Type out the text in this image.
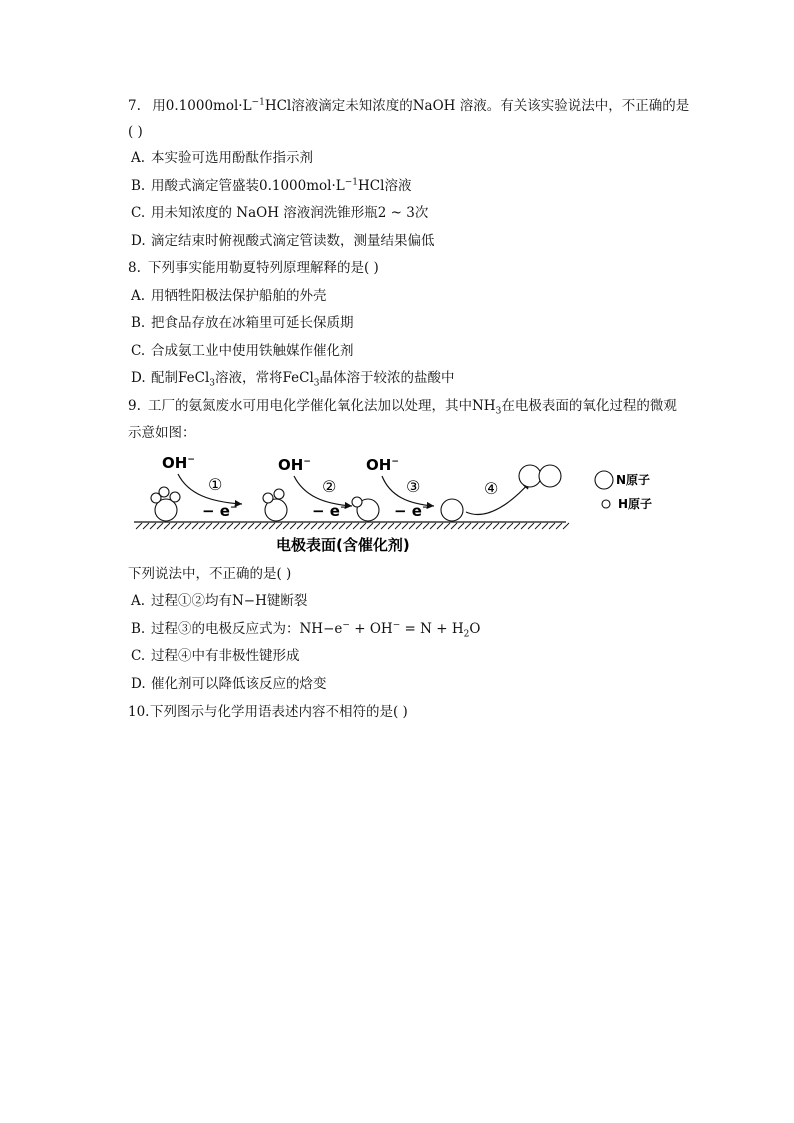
7. 用$0.1000mol\cdot L^{-1}HCl$溶液滴定未知浓度的NaOH 溶液。有关该实验说法中，不正确的是
( )
A. 本实验可选用酚酞作指示剂
B. 用酸式滴定管盛装$0.1000mol\cdot L^{-1}HCl$溶液
C. 用未知浓度的 NaOH 溶液润洗锥形瓶2 ~ 3次
D. 滴定结束时俯视酸式滴定管读数，测量结果偏低
8. 下列事实能用勒夏特列原理解释的是( )
A. 用牺牲阳极法保护船舶的外壳
B. 把食品存放在冰箱里可延长保质期
C. 合成氨工业中使用铁触媒作催化剂
D. 配制FeCl$_3$溶液，常将FeCl$_3$晶体溶于较浓的盐酸中
9. 工厂的氨氮废水可用电化学催化氧化法加以处理，其中$NH_3$在电极表面的氧化过程的微观
示意如图：
OH−	OH−	OH−
①	②	③	④
− e−	− e−	− e−
N原子
H原子
电极表面(含催化剂)
下列说法中，不正确的是( )
A. 过程①②均有N−H键断裂
B. 过程③的电极反应式为：$NH-e^- + OH^- = N + H_2O$
C. 过程④中有非极性键形成
D. 催化剂可以降低该反应的焓变
10.下列图示与化学用语表述内容不相符的是( )
